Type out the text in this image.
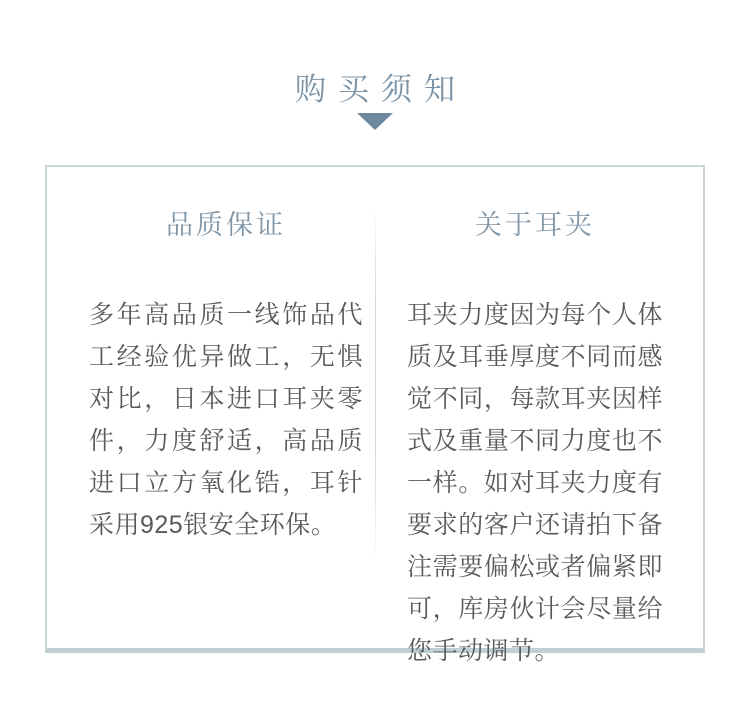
购买须知
品质保证
多年高品质一线饰品代工经验优异做工，无惧对比，日本进口耳夹零件，力度舒适，高品质进口立方氧化锆，耳针采用925银安全环保。
关于耳夹
耳夹力度因为每个人体质及耳垂厚度不同而感觉不同，每款耳夹因样式及重量不同力度也不一样。如对耳夹力度有要求的客户还请拍下备注需要偏松或者偏紧即可，库房伙计会尽量给您手动调节。
